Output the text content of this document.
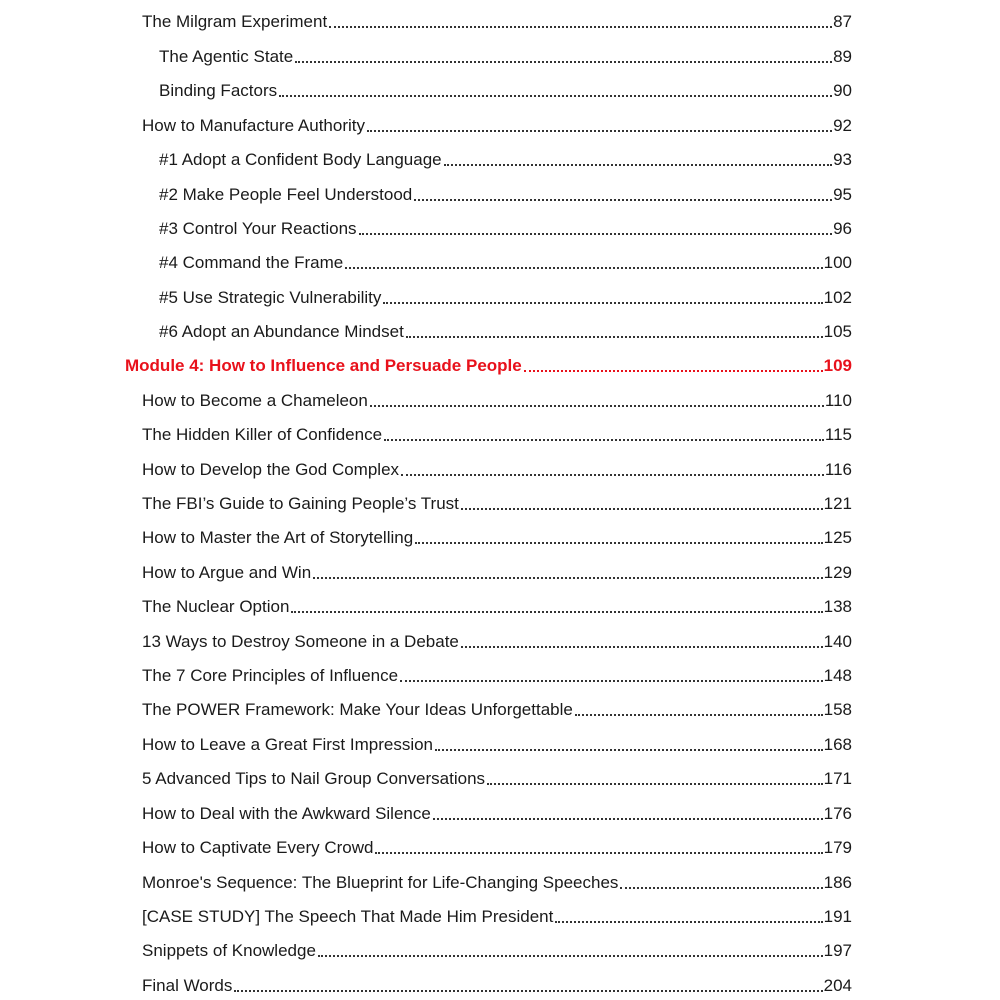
The Milgram Experiment	87
The Agentic State	89
Binding Factors	90
How to Manufacture Authority	92
#1 Adopt a Confident Body Language	93
#2 Make People Feel Understood	95
#3 Control Your Reactions	96
#4 Command the Frame	100
#5 Use Strategic Vulnerability	102
#6 Adopt an Abundance Mindset	105
Module 4: How to Influence and Persuade People	109
How to Become a Chameleon	110
The Hidden Killer of Confidence	115
How to Develop the God Complex	116
The FBI’s Guide to Gaining People’s Trust	121
How to Master the Art of Storytelling	125
How to Argue and Win	129
The Nuclear Option	138
13 Ways to Destroy Someone in a Debate	140
The 7 Core Principles of Influence	148
The POWER Framework: Make Your Ideas Unforgettable	158
How to Leave a Great First Impression	168
5 Advanced Tips to Nail Group Conversations	171
How to Deal with the Awkward Silence	176
How to Captivate Every Crowd	179
Monroe's Sequence: The Blueprint for Life-Changing Speeches	186
[CASE STUDY] The Speech That Made Him President	191
Snippets of Knowledge	197
Final Words	204
